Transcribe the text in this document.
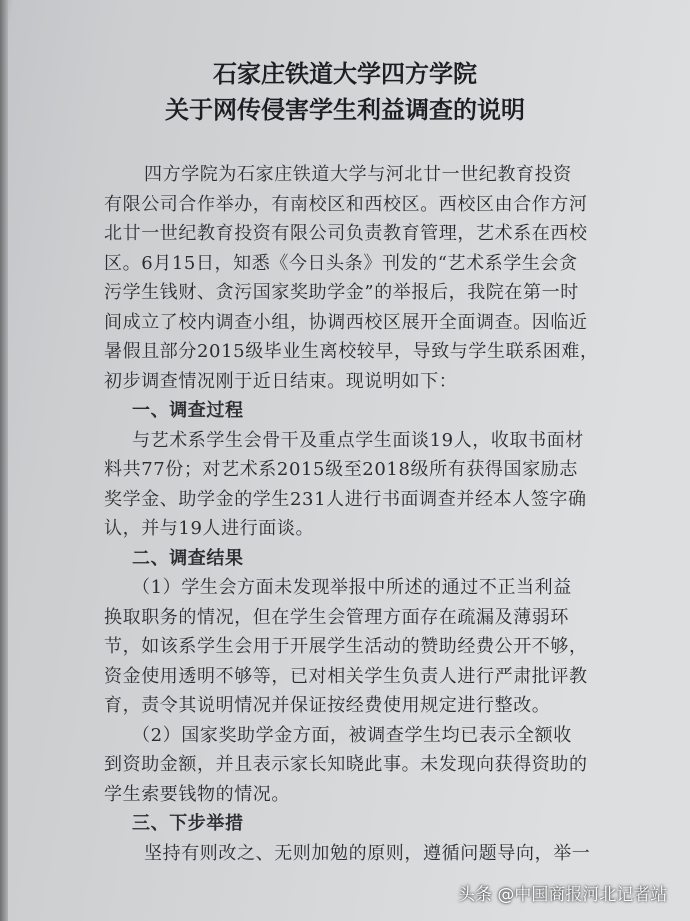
石家庄铁道大学四方学院
关于网传侵害学生利益调查的说明
四方学院为石家庄铁道大学与河北廿一世纪教育投资
有限公司合作举办，有南校区和西校区。西校区由合作方河
北廿一世纪教育投资有限公司负责教育管理，艺术系在西校
区。6月15日，知悉《今日头条》刊发的“艺术系学生会贪
污学生钱财、贪污国家奖助学金”的举报后，我院在第一时
间成立了校内调查小组，协调西校区展开全面调查。因临近
暑假且部分2015级毕业生离校较早，导致与学生联系困难，
初步调查情况刚于近日结束。现说明如下：
一、调查过程
与艺术系学生会骨干及重点学生面谈19人，收取书面材
料共77份；对艺术系2015级至2018级所有获得国家励志
奖学金、助学金的学生231人进行书面调查并经本人签字确
认，并与19人进行面谈。
二、调查结果
（1）学生会方面未发现举报中所述的通过不正当利益
换取职务的情况，但在学生会管理方面存在疏漏及薄弱环
节，如该系学生会用于开展学生活动的赞助经费公开不够，
资金使用透明不够等，已对相关学生负责人进行严肃批评教
育，责令其说明情况并保证按经费使用规定进行整改。
（2）国家奖助学金方面，被调查学生均已表示全额收
到资助金额，并且表示家长知晓此事。未发现向获得资助的
学生索要钱物的情况。
三、下步举措
坚持有则改之、无则加勉的原则，遵循问题导向，举一
头条 @中国商报河北记者站
